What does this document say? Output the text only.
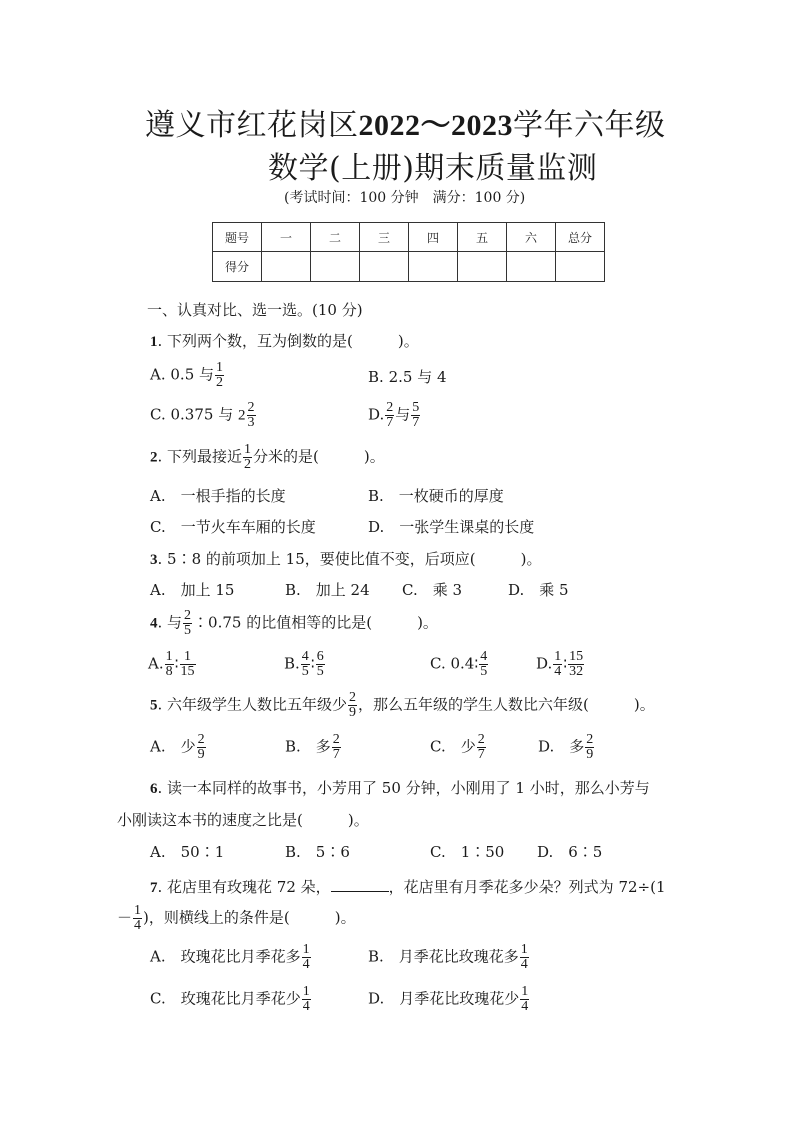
遵义市红花岗区2022～2023学年六年级
数学(上册)期末质量监测
(考试时间：100 分钟　满分：100 分)
题号	一	二	三	四	五	六	总分
得分							
一、认真对比、选一选。(10 分)
1. 下列两个数，互为倒数的是(　　　)。
A. 0.5 与 $\frac{1}{2}$	B. 2.5 与 4
C. 0.375 与 $2 \frac{2}{3}$	D. $\frac{2}{7}$ 与 $\frac{5}{7}$
2. 下列最接近 $\frac{1}{2}$ 分米的是(　　　)。
A.　一根手指的长度	B.　一枚硬币的厚度
C.　一节火车车厢的长度	D.　一张学生课桌的长度
3. 5∶8 的前项加上 15，要使比值不变，后项应(　　　)。
A.　加上 15	B.　加上 24 C.　乘 3	D.　乘 5
4. 与 $\frac{2}{5}$ ∶0.75 的比值相等的比是(　　　)。
A. $\frac{1}{8}$ ∶ $\frac{1}{15}$	B. $\frac{4}{5}$ ∶ $\frac{6}{5}$	C. 0.4∶ $\frac{4}{5}$	D. $\frac{1}{4}$ ∶ $\frac{15}{32}$
5. 六年级学生人数比五年级少 $\frac{2}{9}$ ，那么五年级的学生人数比六年级(　　　)。
A.　少 $\frac{2}{9}$	B.　多 $\frac{2}{7}$	C.　少 $\frac{2}{7}$	D.　多 $\frac{2}{9}$
6. 读一本同样的故事书，小芳用了 50 分钟，小刚用了 1 小时，那么小芳与
小刚读这本书的速度之比是(　　　)。
A.　50∶1	B.　5∶6	C.　1∶50 D.　6∶5
7. 花店里有玫瑰花 72 朵，	，花店里有月季花多少朵？列式为 72÷(1
－ $\frac{1}{4}$ )，则横线上的条件是(　　　)。
A.　玫瑰花比月季花多 $\frac{1}{4}$	B.　月季花比玫瑰花多 $\frac{1}{4}$
C.　玫瑰花比月季花少 $\frac{1}{4}$	D.　月季花比玫瑰花少 $\frac{1}{4}$
